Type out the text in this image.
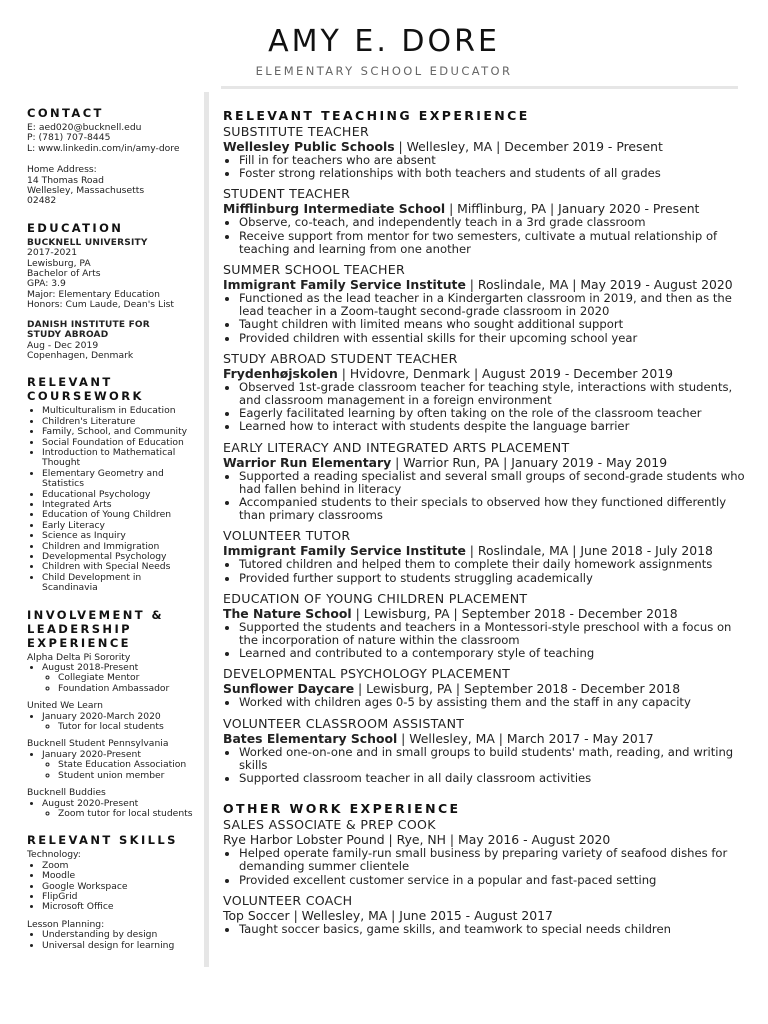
AMY E. DORE
ELEMENTARY SCHOOL EDUCATOR
CONTACT

E: aed020@bucknell.edu

P: (781) 707-8445

L: www.linkedin.com/in/amy-dore

Home Address:

14 Thomas Road

Wellesley, Massachusetts

02482

EDUCATION

BUCKNELL UNIVERSITY

2017-2021

Lewisburg, PA

Bachelor of Arts

GPA: 3.9

Major: Elementary Education

Honors: Cum Laude, Dean's List

DANISH INSTITUTE FOR

STUDY ABROAD

Aug - Dec 2019

Copenhagen, Denmark

RELEVANT
COURSEWORK
• Multiculturalism in Education
• Children's Literature
• Family, School, and Community
• Social Foundation of Education
• Introduction to Mathematical Thought
• Elementary Geometry and Statistics
• Educational Psychology
• Integrated Arts
• Education of Young Children
• Early Literacy
• Science as Inquiry
• Children and Immigration
• Developmental Psychology
• Children with Special Needs
• Child Development in Scandinavia
INVOLVEMENT &
LEADERSHIP
EXPERIENCE

Alpha Delta Pi Sorority

• August 2018-Present
◦ Collegiate Mentor
◦ Foundation Ambassador

United We Learn

• January 2020-March 2020
◦ Tutor for local students

Bucknell Student Pennsylvania

• January 2020-Present
◦ State Education Association
◦ Student union member

Bucknell Buddies

• August 2020-Present
◦ Zoom tutor for local students
RELEVANT SKILLS

Technology:

• Zoom
• Moodle
• Google Workspace
• FlipGrid
• Microsoft Office

Lesson Planning:

• Understanding by design
• Universal design for learning
RELEVANT TEACHING EXPERIENCE
SUBSTITUTE TEACHER
Wellesley Public Schools | Wellesley, MA | December 2019 - Present
• Fill in for teachers who are absent
• Foster strong relationships with both teachers and students of all grades
STUDENT TEACHER
Mifflinburg Intermediate School | Mifflinburg, PA | January 2020 - Present
• Observe, co-teach, and independently teach in a 3rd grade classroom
• Receive support from mentor for two semesters, cultivate a mutual relationship of teaching and learning from one another
SUMMER SCHOOL TEACHER
Immigrant Family Service Institute | Roslindale, MA | May 2019 - August 2020
• Functioned as the lead teacher in a Kindergarten classroom in 2019, and then as the lead teacher in a Zoom-taught second-grade classroom in 2020
• Taught children with limited means who sought additional support
• Provided children with essential skills for their upcoming school year
STUDY ABROAD STUDENT TEACHER
Frydenhøjskolen | Hvidovre, Denmark | August 2019 - December 2019
• Observed 1st-grade classroom teacher for teaching style, interactions with students, and classroom management in a foreign environment
• Eagerly facilitated learning by often taking on the role of the classroom teacher
• Learned how to interact with students despite the language barrier
EARLY LITERACY AND INTEGRATED ARTS PLACEMENT
Warrior Run Elementary | Warrior Run, PA | January 2019 - May 2019
• Supported a reading specialist and several small groups of second-grade students who had fallen behind in literacy
• Accompanied students to their specials to observed how they functioned differently than primary classrooms
VOLUNTEER TUTOR
Immigrant Family Service Institute | Roslindale, MA | June 2018 - July 2018
• Tutored children and helped them to complete their daily homework assignments
• Provided further support to students struggling academically
EDUCATION OF YOUNG CHILDREN PLACEMENT
The Nature School | Lewisburg, PA | September 2018 - December 2018
• Supported the students and teachers in a Montessori-style preschool with a focus on the incorporation of nature within the classroom
• Learned and contributed to a contemporary style of teaching
DEVELOPMENTAL PSYCHOLOGY PLACEMENT
Sunflower Daycare | Lewisburg, PA | September 2018 - December 2018
• Worked with children ages 0-5 by assisting them and the staff in any capacity
VOLUNTEER CLASSROOM ASSISTANT
Bates Elementary School | Wellesley, MA | March 2017 - May 2017
• Worked one-on-one and in small groups to build students' math, reading, and writing skills
• Supported classroom teacher in all daily classroom activities
OTHER WORK EXPERIENCE
SALES ASSOCIATE & PREP COOK
Rye Harbor Lobster Pound | Rye, NH | May 2016 - August 2020
• Helped operate family-run small business by preparing variety of seafood dishes for demanding summer clientele
• Provided excellent customer service in a popular and fast-paced setting
VOLUNTEER COACH
Top Soccer | Wellesley, MA | June 2015 - August 2017
• Taught soccer basics, game skills, and teamwork to special needs children
